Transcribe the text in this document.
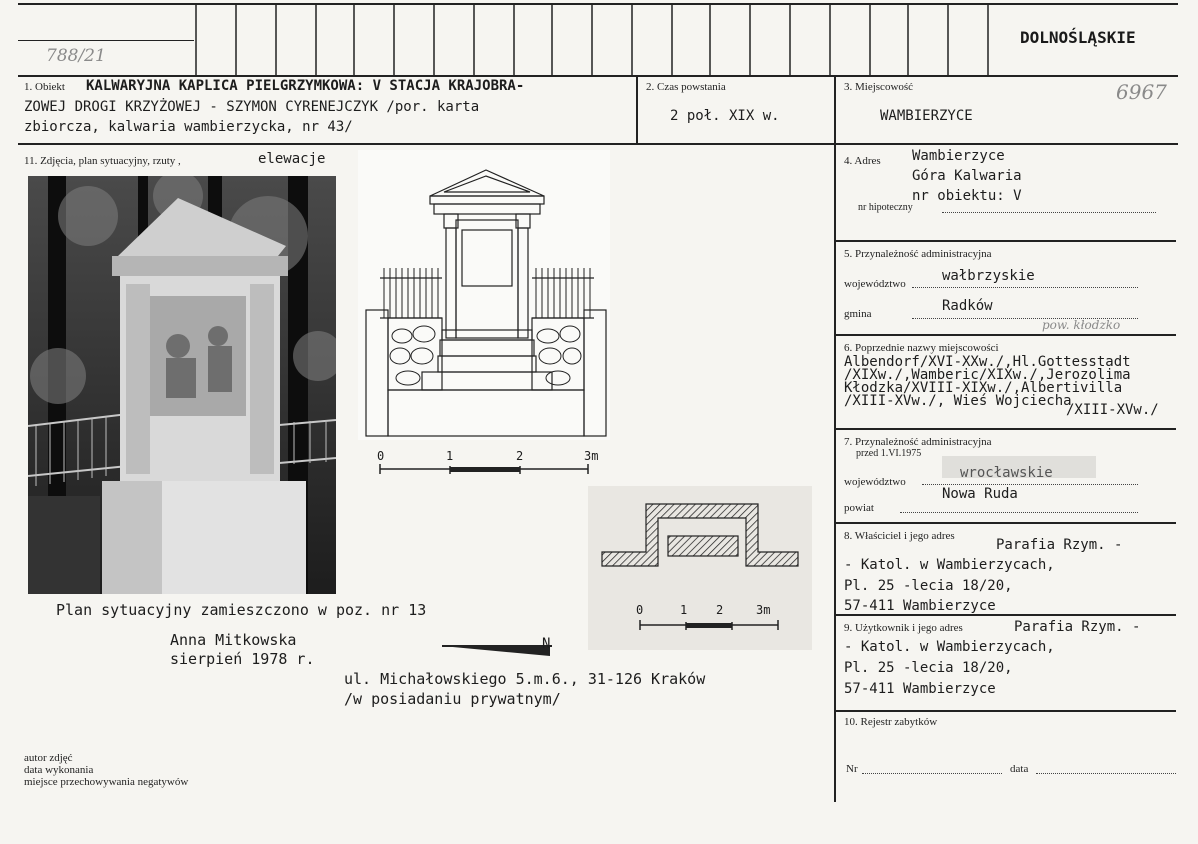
DOLNOŚLĄSKIE
788/21
1. Obiekt KALWARYJNA KAPLICA PIELGRZYMKOWA: V STACJA KRAJOBRA-
ZOWEJ DROGI KRZYŻOWEJ - SZYMON CYRENEJCZYK /por. karta
zbiorcza, kalwaria wambierzycka, nr 43/
2. Czas powstania
2 poł. XIX w.
3. Miejscowość
WAMBIERZYCE
6967
11. Zdjęcia, plan sytuacyjny, rzuty ,	elewacje
0	1	2	3m
0	1 2	3m
N
Plan sytuacyjny zamieszczono w poz. nr 13
Anna Mitkowska
sierpień 1978 r.
ul. Michałowskiego 5.m.6., 31-126 Kraków
/w posiadaniu prywatnym/
4. Adres Wambierzyce
Góra Kalwaria
nr obiektu: V
nr hipoteczny
5. Przynależność administracyjna
województwo	wałbrzyskie
gmina	Radków
pow. kłodzko
6. Poprzednie nazwy miejscowości
Albendorf/XVI-XXw./,Hl.Gottesstadt
/XIXw./,Wamberic/XIXw./,Jerozolima
Kłodzka/XVIII-XIXw./,Albertivilla
/XIII-XVw./, Wieś Wojciecha
/XIII-XVw./
7. Przynależność administracyjna
przed 1.VI.1975
województwo
wrocławskie
powiat
Nowa Ruda
8. Właściciel i jego adres
Parafia Rzym. -
- Katol. w Wambierzycach,
Pl. 25 -lecia 18/20,
57-411 Wambierzyce
9. Użytkownik i jego adres	Parafia Rzym. -
- Katol. w Wambierzycach,
Pl. 25 -lecia 18/20,
57-411 Wambierzyce
10. Rejestr zabytków
Nr	data
autor zdjęć
data wykonania
miejsce przechowywania negatywów
